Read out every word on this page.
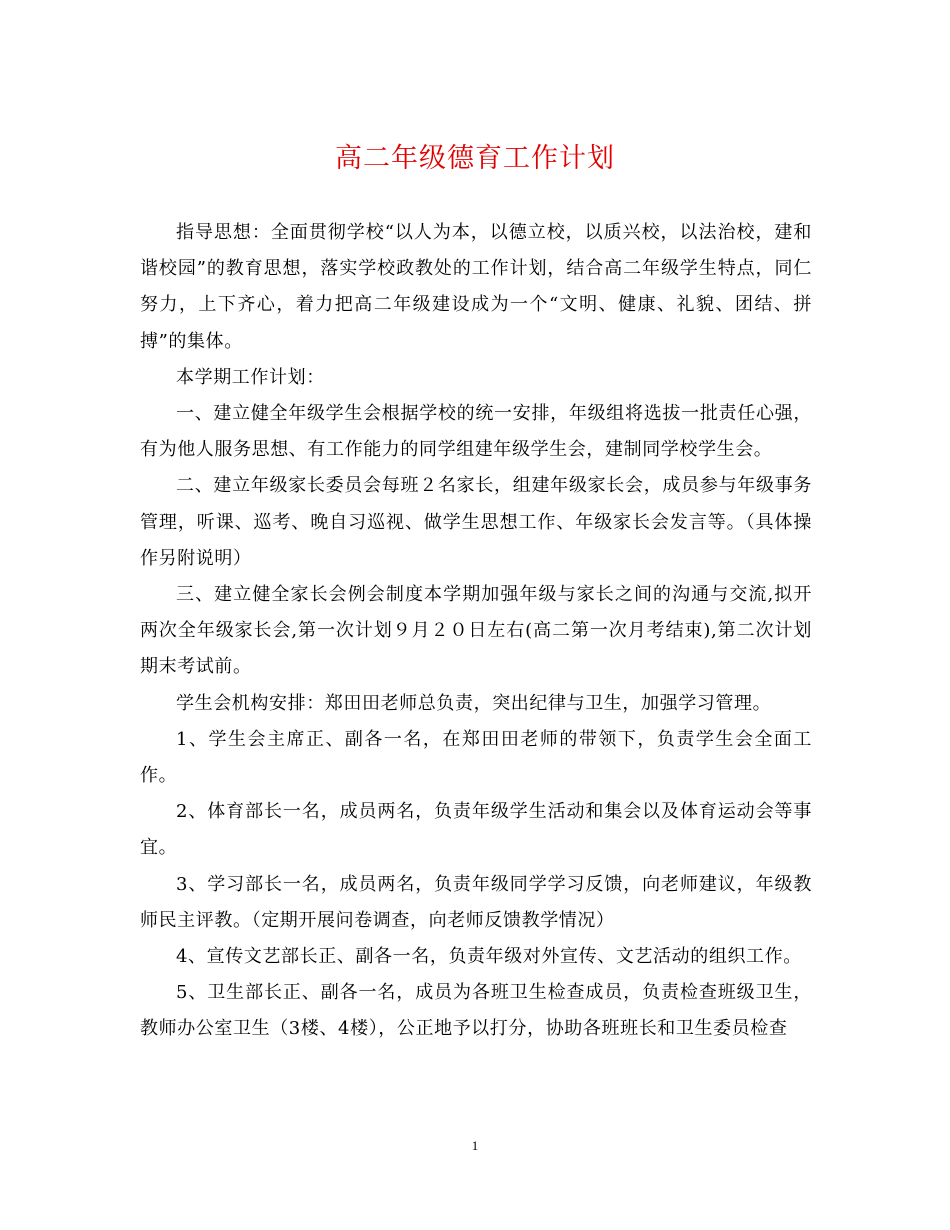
高二年级德育工作计划

指导思想：全面贯彻学校“以人为本，以德立校，以质兴校，以法治校，建和谐校园”的教育思想，落实学校政教处的工作计划，结合高二年级学生特点，同仁努力，上下齐心，着力把高二年级建设成为一个“文明、健康、礼貌、团结、拼搏”的集体。

本学期工作计划：

一、建立健全年级学生会根据学校的统一安排，年级组将选拔一批责任心强，有为他人服务思想、有工作能力的同学组建年级学生会，建制同学校学生会。

二、建立年级家长委员会每班２名家长，组建年级家长会，成员参与年级事务管理，听课、巡考、晚自习巡视、做学生思想工作、年级家长会发言等。（具体操作另附说明）

三、建立健全家长会例会制度本学期加强年级与家长之间的沟通与交流,拟开两次全年级家长会,第一次计划９月２０日左右(高二第一次月考结束),第二次计划期末考试前。

学生会机构安排：郑田田老师总负责，突出纪律与卫生，加强学习管理。

1、学生会主席正、副各一名，在郑田田老师的带领下，负责学生会全面工作。

2、体育部长一名，成员两名，负责年级学生活动和集会以及体育运动会等事宜。

3、学习部长一名，成员两名，负责年级同学学习反馈，向老师建议，年级教师民主评教。（定期开展问卷调查，向老师反馈教学情况）

4、宣传文艺部长正、副各一名，负责年级对外宣传、文艺活动的组织工作。

5、卫生部长正、副各一名，成员为各班卫生检查成员，负责检查班级卫生，教师办公室卫生（3楼、4楼），公正地予以打分，协助各班班长和卫生委员检查

1
